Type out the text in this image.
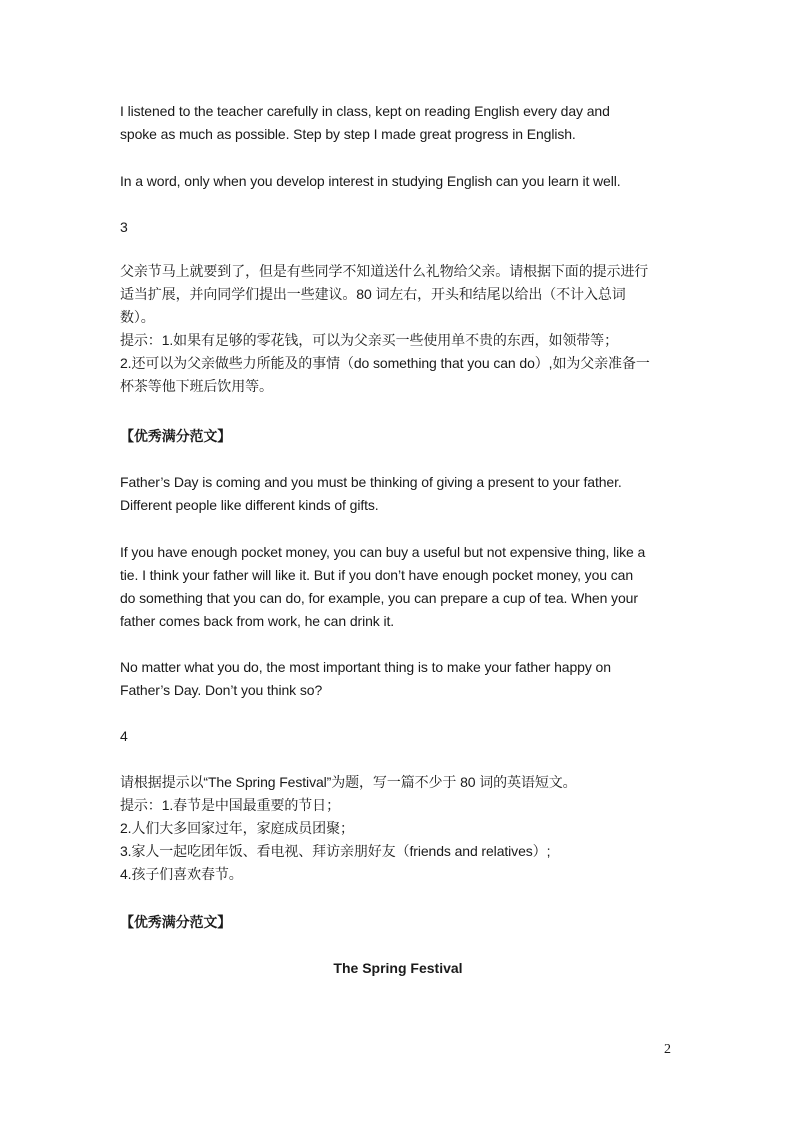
I listened to the teacher carefully in class, kept on reading English every day and
spoke as much as possible. Step by step I made great progress in English.
In a word, only when you develop interest in studying English can you learn it well.
3
父亲节马上就要到了，但是有些同学不知道送什么礼物给父亲。请根据下面的提示进行
适当扩展，并向同学们提出一些建议。80 词左右，开头和结尾以给出（不计入总词
数）。
提示：1.如果有足够的零花钱，可以为父亲买一些使用单不贵的东西，如领带等；
2.还可以为父亲做些力所能及的事情（do something that you can do）,如为父亲准备一
杯茶等他下班后饮用等。
【优秀满分范文】
Father’s Day is coming and you must be thinking of giving a present to your father.
Different people like different kinds of gifts.
If you have enough pocket money, you can buy a useful but not expensive thing, like a
tie. I think your father will like it. But if you don’t have enough pocket money, you can
do something that you can do, for example, you can prepare a cup of tea. When your
father comes back from work, he can drink it.
No matter what you do, the most important thing is to make your father happy on
Father’s Day. Don’t you think so?
4
请根据提示以“The Spring Festival”为题，写一篇不少于 80 词的英语短文。
提示：1.春节是中国最重要的节日；
2.人们大多回家过年，家庭成员团聚；
3.家人一起吃团年饭、看电视、拜访亲朋好友（friends and relatives）;
4.孩子们喜欢春节。
【优秀满分范文】
The Spring Festival
2
